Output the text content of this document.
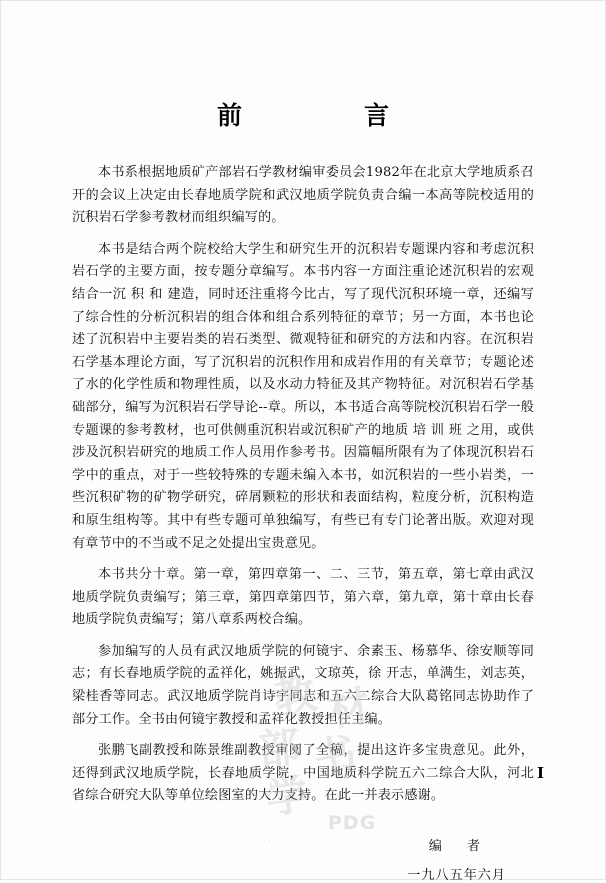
前　　言

本书系根据地质矿产部岩石学教材编审委员会1982年在北京大学地质系召开的会议上决定由长春地质学院和武汉地质学院负责合编一本高等院校适用的沉积岩石学参考教材而组织编写的。

本书是结合两个院校给大学生和研究生开的沉积岩专题课内容和考虑沉积岩石学的主要方面，按专题分章编写。本书内容一方面注重论述沉积岩的宏观结合一沉 积 和 建造，同时还注重将今比古，写了现代沉积环境一章，还编写了综合性的分析沉积岩的组合体和组合系列特征的章节；另一方面，本书也论述了沉积岩中主要岩类的岩石类型、微观特征和研究的方法和内容。在沉积岩石学基本理论方面，写了沉积岩的沉积作用和成岩作用的有关章节；专题论述了水的化学性质和物理性质，以及水动力特征及其产物特征。对沉积岩石学基础部分，编写为沉积岩石学导论--章。所以，本书适合高等院校沉积岩石学一般专题课的参考教材，也可供侧重沉积岩或沉积矿产的地质 培 训 班 之用，或供涉及沉积岩研究的地质工作人员用作参考书。因篇幅所限有为了体现沉积岩石学中的重点，对于一些较特殊的专题未编入本书，如沉积岩的一些小岩类，一些沉积矿物的矿物学研究，碎屑颗粒的形状和表面结构，粒度分析，沉积构造和原生组构等。其中有些专题可单独编写，有些已有专门论著出版。欢迎对现有章节中的不当或不足之处提出宝贵意见。

本书共分十章。第一章，第四章第一、二、三节，第五章，第七章由武汉地质学院负责编写；第三章，第四章第四节，第六章，第九章，第十章由长春地质学院负责编写；第八章系两校合编。

参加编写的人员有武汉地质学院的何镜宇、余素玉、杨慕华、徐安顺等同志；有长春地质学院的孟祥化，姚振武，文琼英，徐 开志，单满生，刘志英，梁桂香等同志。武汉地质学院肖诗宇同志和五六二综合大队葛铭同志协助作了部分工作。全书由何镜宇教授和孟祥化教授担任主编。

张鹏飞副教授和陈景维副教授审阅了全稿，提出这许多宝贵意见。此外，还得到武汉地质学院，长春地质学院，中国地质科学院五六二综合大队，河北省综合研究大队等单位绘图室的大力支持。在此一并表示感谢。

编　者
一九八五年六月
I
教 材
部 书
学 PDG
.
